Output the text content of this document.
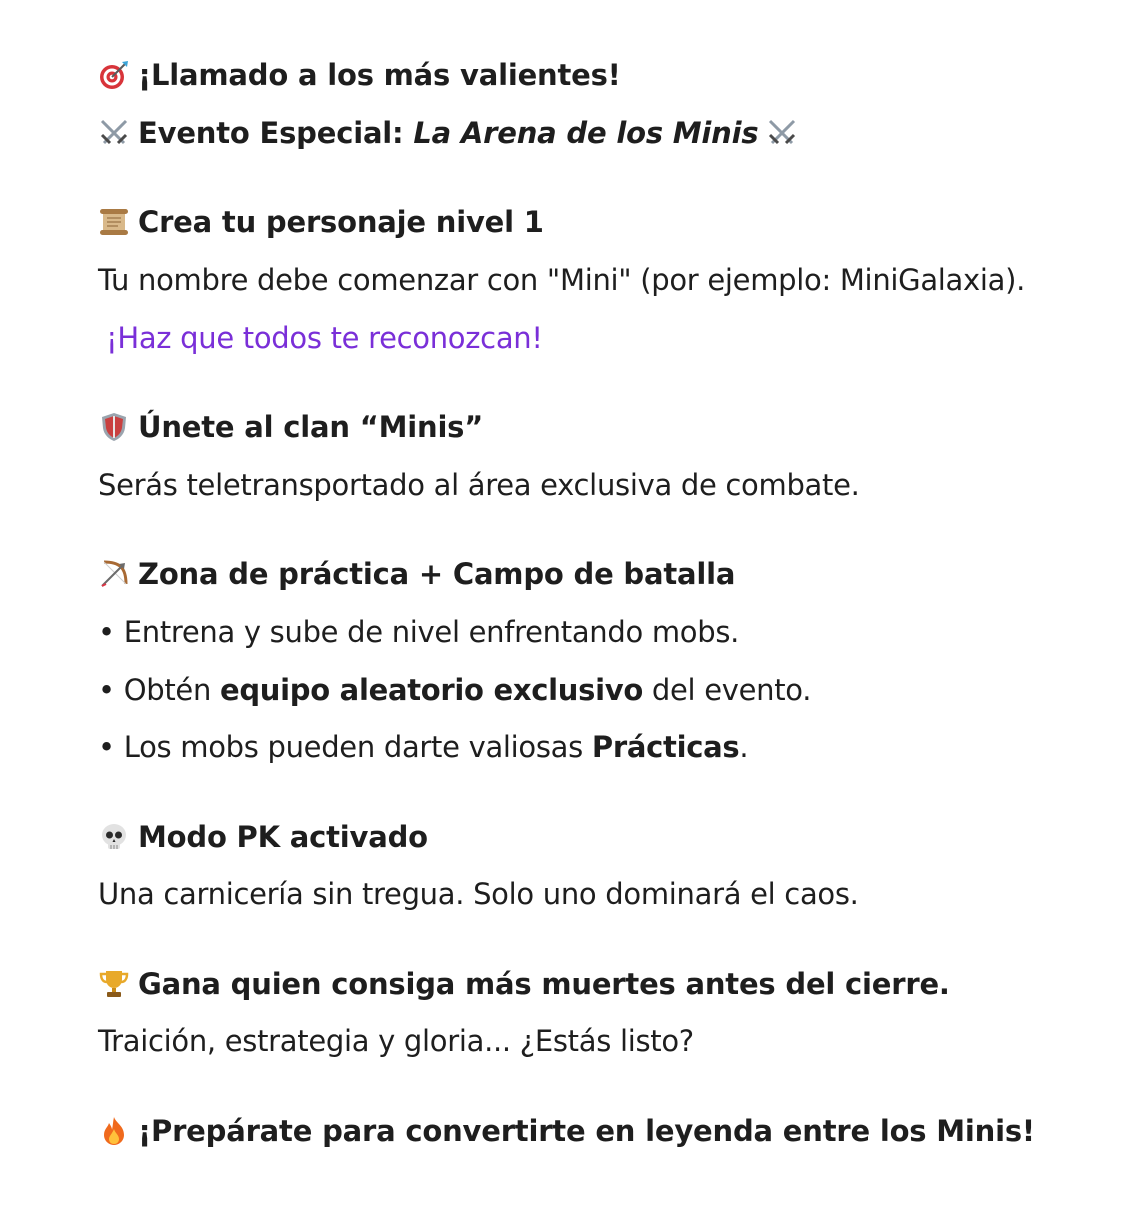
¡Llamado a los más valientes!
Evento Especial:
La Arena de los Minis
Crea tu personaje nivel 1
Tu nombre debe comenzar con "Mini" (por ejemplo: MiniGalaxia).
¡Haz que todos te reconozcan!
Únete al clan “Minis”
Serás teletransportado al área exclusiva de combate.
Zona de práctica + Campo de batalla
• Entrena y sube de nivel enfrentando mobs.
• Obtén
equipo aleatorio exclusivo
del evento.
• Los mobs pueden darte valiosas
Prácticas .
Modo PK activado
Una carnicería sin tregua. Solo uno dominará el caos.
Gana quien consiga más muertes antes del cierre.
Traición, estrategia y gloria... ¿Estás listo?
¡Prepárate para convertirte en leyenda entre los Minis!
